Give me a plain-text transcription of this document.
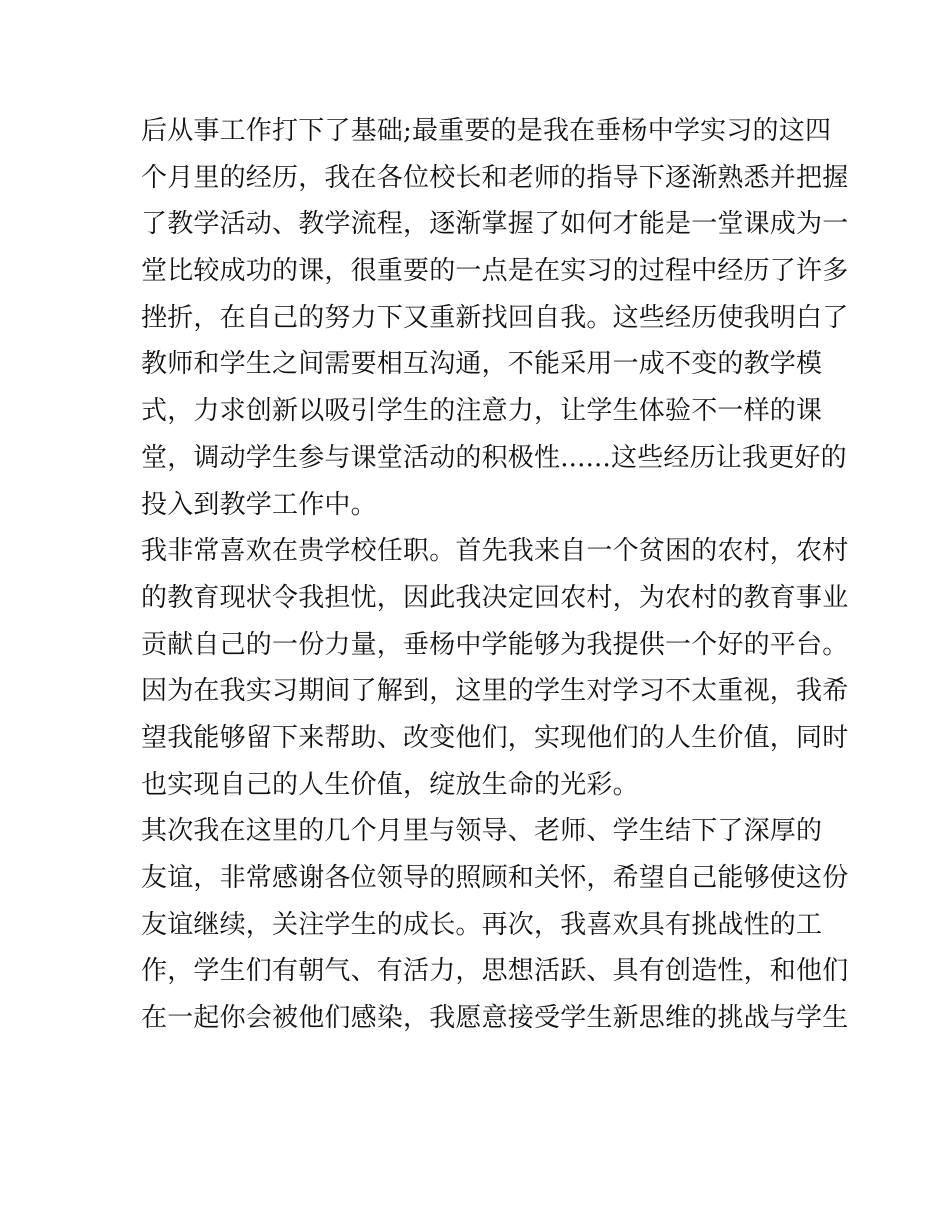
后从事工作打下了基础;最重要的是我在垂杨中学实习的这四
个月里的经历，我在各位校长和老师的指导下逐渐熟悉并把握
了教学活动、教学流程，逐渐掌握了如何才能是一堂课成为一
堂比较成功的课，很重要的一点是在实习的过程中经历了许多
挫折，在自己的努力下又重新找回自我。这些经历使我明白了
教师和学生之间需要相互沟通，不能采用一成不变的教学模
式，力求创新以吸引学生的注意力，让学生体验不一样的课
堂，调动学生参与课堂活动的积极性......这些经历让我更好的
投入到教学工作中。
我非常喜欢在贵学校任职。首先我来自一个贫困的农村，农村
的教育现状令我担忧，因此我决定回农村，为农村的教育事业
贡献自己的一份力量，垂杨中学能够为我提供一个好的平台。
因为在我实习期间了解到，这里的学生对学习不太重视，我希
望我能够留下来帮助、改变他们，实现他们的人生价值，同时
也实现自己的人生价值，绽放生命的光彩。
其次我在这里的几个月里与领导、老师、学生结下了深厚的
友谊，非常感谢各位领导的照顾和关怀，希望自己能够使这份
友谊继续，关注学生的成长。再次，我喜欢具有挑战性的工
作，学生们有朝气、有活力，思想活跃、具有创造性，和他们
在一起你会被他们感染，我愿意接受学生新思维的挑战与学生
